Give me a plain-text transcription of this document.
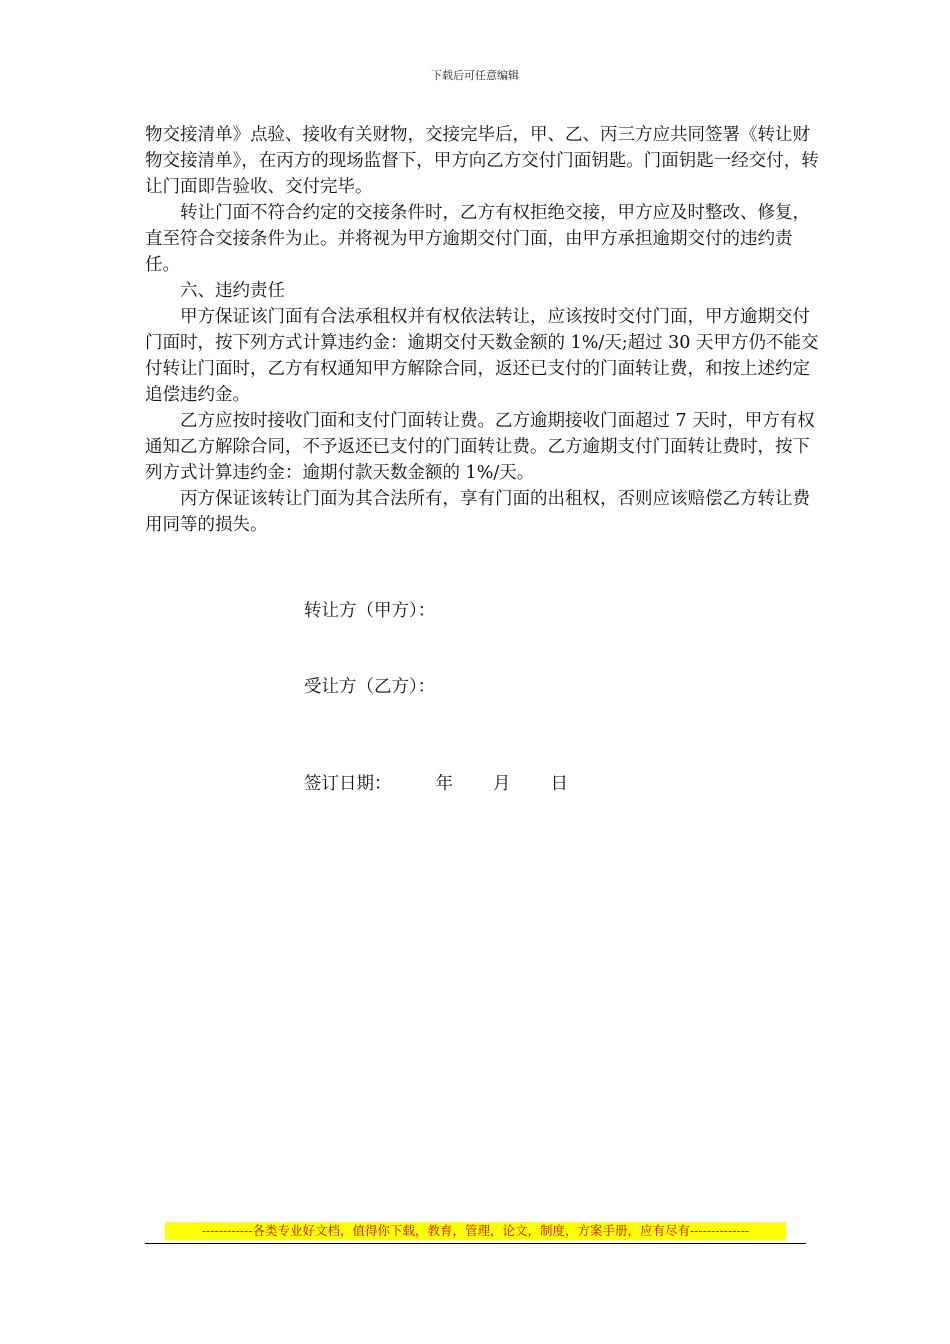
下载后可任意编辑

物交接清单》点验、接收有关财物，交接完毕后，甲、乙、丙三方应共同签署《转让财物交接清单》，在丙方的现场监督下，甲方向乙方交付门面钥匙。门面钥匙一经交付，转让门面即告验收、交付完毕。

转让门面不符合约定的交接条件时，乙方有权拒绝交接，甲方应及时整改、修复，直至符合交接条件为止。并将视为甲方逾期交付门面，由甲方承担逾期交付的违约责任。

六、违约责任

甲方保证该门面有合法承租权并有权依法转让，应该按时交付门面，甲方逾期交付门面时，按下列方式计算违约金：逾期交付天数金额的 1%/天;超过 30 天甲方仍不能交付转让门面时，乙方有权通知甲方解除合同，返还已支付的门面转让费，和按上述约定追偿违约金。

乙方应按时接收门面和支付门面转让费。乙方逾期接收门面超过 7 天时，甲方有权通知乙方解除合同，不予返还已支付的门面转让费。乙方逾期支付门面转让费时，按下列方式计算违约金：逾期付款天数金额的 1%/天。

丙方保证该转让门面为其合法所有，享有门面的出租权，否则应该赔偿乙方转让费用同等的损失。

转让方（甲方）：
受让方（乙方）：
签订日期：	年 月 日
------------各类专业好文档，值得你下载，教育，管理，论文，制度，方案手册，应有尽有--------------
